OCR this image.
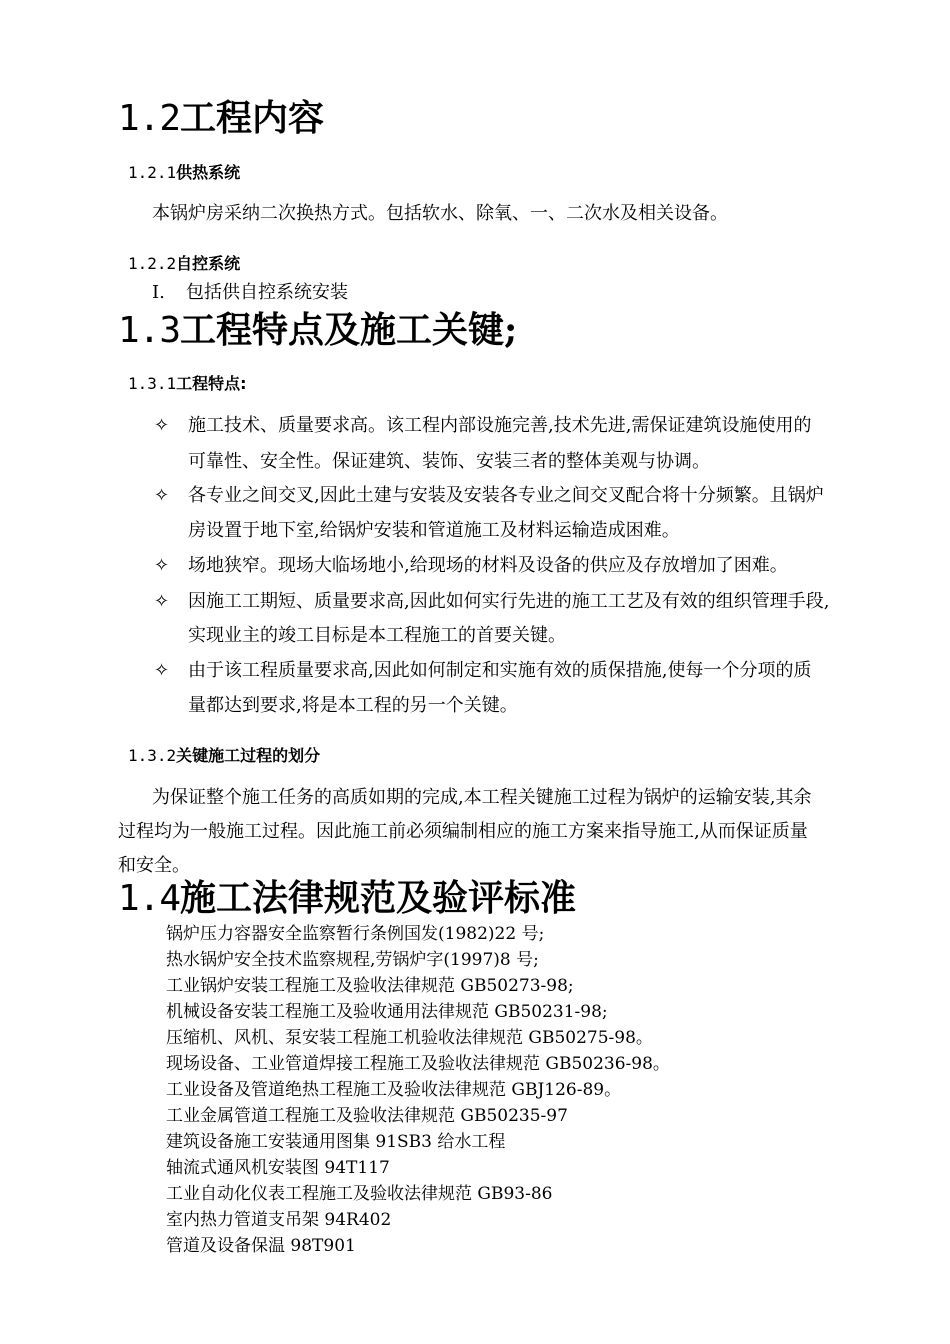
1.2工程内容
1.2.1供热系统
本锅炉房采纳二次换热方式。包括软水、除氧、一、二次水及相关设备。
1.2.2自控系统
I. 包括供自控系统安装
1.3工程特点及施工关键;
1.3.1工程特点:
✧ 施工技术、质量要求高。该工程内部设施完善,技术先进,需保证建筑设施使用的
可靠性、安全性。保证建筑、装饰、安装三者的整体美观与协调。
✧ 各专业之间交叉,因此土建与安装及安装各专业之间交叉配合将十分频繁。且锅炉
房设置于地下室,给锅炉安装和管道施工及材料运输造成困难。
✧ 场地狭窄。现场大临场地小,给现场的材料及设备的供应及存放增加了困难。
✧ 因施工工期短、质量要求高,因此如何实行先进的施工工艺及有效的组织管理手段,
实现业主的竣工目标是本工程施工的首要关键。
✧ 由于该工程质量要求高,因此如何制定和实施有效的质保措施,使每一个分项的质
量都达到要求,将是本工程的另一个关键。
1.3.2关键施工过程的划分
为保证整个施工任务的高质如期的完成,本工程关键施工过程为锅炉的运输安装,其余
过程均为一般施工过程。因此施工前必须编制相应的施工方案来指导施工,从而保证质量
和安全。
1.4施工法律规范及验评标准
锅炉压力容器安全监察暂行条例国发(1982)22 号;
热水锅炉安全技术监察规程,劳锅炉字(1997)8 号;
工业锅炉安装工程施工及验收法律规范 GB50273-98;
机械设备安装工程施工及验收通用法律规范 GB50231-98;
压缩机、风机、泵安装工程施工机验收法律规范 GB50275-98。
现场设备、工业管道焊接工程施工及验收法律规范 GB50236-98。
工业设备及管道绝热工程施工及验收法律规范 GBJ126-89。
工业金属管道工程施工及验收法律规范 GB50235-97
建筑设备施工安装通用图集 91SB3 给水工程
轴流式通风机安装图 94T117
工业自动化仪表工程施工及验收法律规范 GB93-86
室内热力管道支吊架 94R402
管道及设备保温 98T901
